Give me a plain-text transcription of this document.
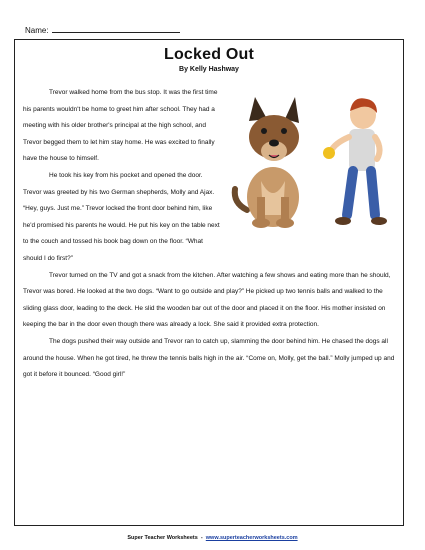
Name:
Locked Out
By Kelly Hashway

Trevor walked home from the bus stop. It was the first time his parents wouldn't be home to greet him after school. They had a meeting with his older brother's principal at the high school, and Trevor begged them to let him stay home. He was excited to finally have the house to himself.

He took his key from his pocket and opened the door. Trevor was greeted by his two German shepherds, Molly and Ajax. “Hey, guys. Just me.” Trevor locked the front door behind him, like he'd promised his parents he would. He put his key on the table next to the couch and tossed his book bag down on the floor. “What should I do first?”

Trevor turned on the TV and got a snack from the kitchen. After watching a few shows and eating more than he should, Trevor was bored. He looked at the two dogs. “Want to go outside and play?” He picked up two tennis balls and walked to the sliding glass door, leading to the deck. He slid the wooden bar out of the door and placed it on the floor. His mother insisted on keeping the bar in the door even though there was already a lock. She said it provided extra protection.

The dogs pushed their way outside and Trevor ran to catch up, slamming the door behind him. He chased the dogs all around the house. When he got tired, he threw the tennis balls high in the air. “Come on, Molly, get the ball.” Molly jumped up and got it before it bounced. “Good girl!”

Super Teacher Worksheets - www.superteacherworksheets.com
